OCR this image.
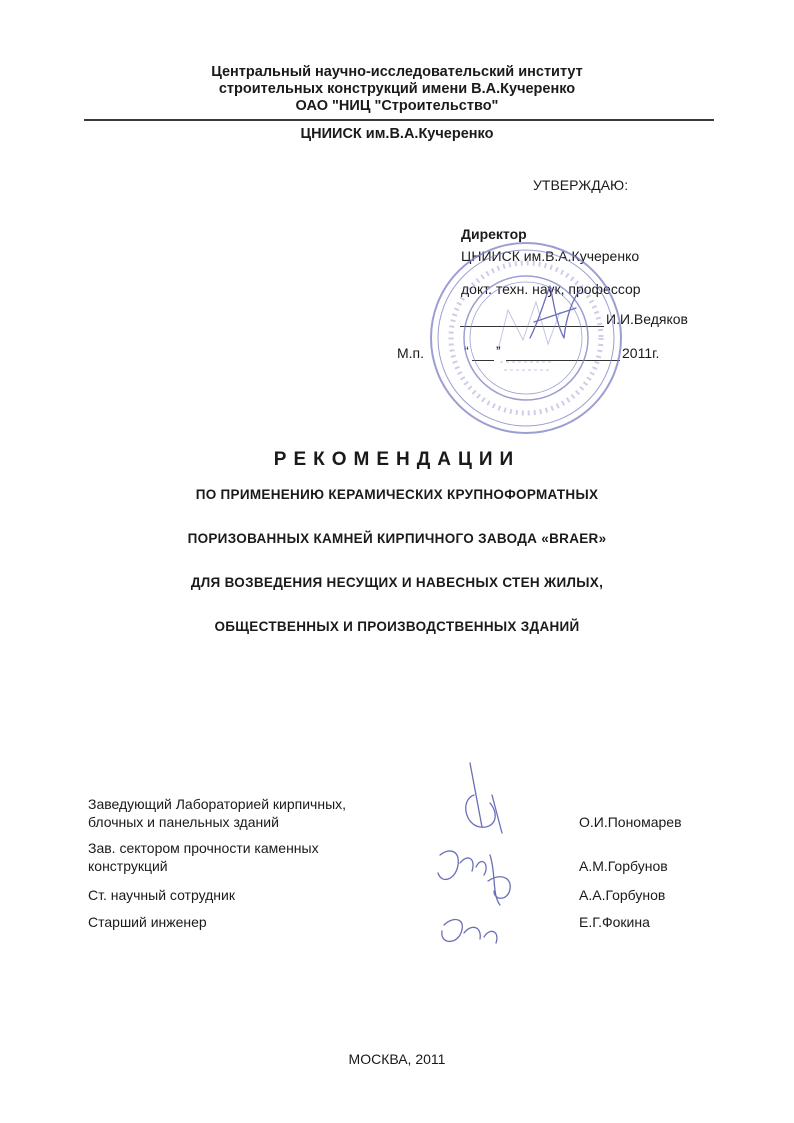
Центральный научно-исследовательский институт
строительных конструкций имени В.А.Кучеренко
ОАО "НИЦ "Строительство"
ЦНИИСК им.В.А.Кучеренко
УТВЕРЖДАЮ:
Директор
ЦНИИСК им.В.А.Кучеренко
докт. техн. наук, профессор
И.И.Ведяков
М.п.	“ ”	2011г.
РЕКОМЕНДАЦИИ
ПО ПРИМЕНЕНИЮ КЕРАМИЧЕСКИХ КРУПНОФОРМАТНЫХ
ПОРИЗОВАННЫХ КАМНЕЙ КИРПИЧНОГО ЗАВОДА «BRAER»
ДЛЯ ВОЗВЕДЕНИЯ НЕСУЩИХ И НАВЕСНЫХ СТЕН ЖИЛЫХ,
ОБЩЕСТВЕННЫХ И ПРОИЗВОДСТВЕННЫХ ЗДАНИЙ
Заведующий Лабораторией кирпичных,
блочных и панельных зданий	О.И.Пономарев
Зав. сектором прочности каменных
конструкций	А.М.Горбунов
Ст. научный сотрудник	А.А.Горбунов
Старший инженер	Е.Г.Фокина
МОСКВА, 2011
